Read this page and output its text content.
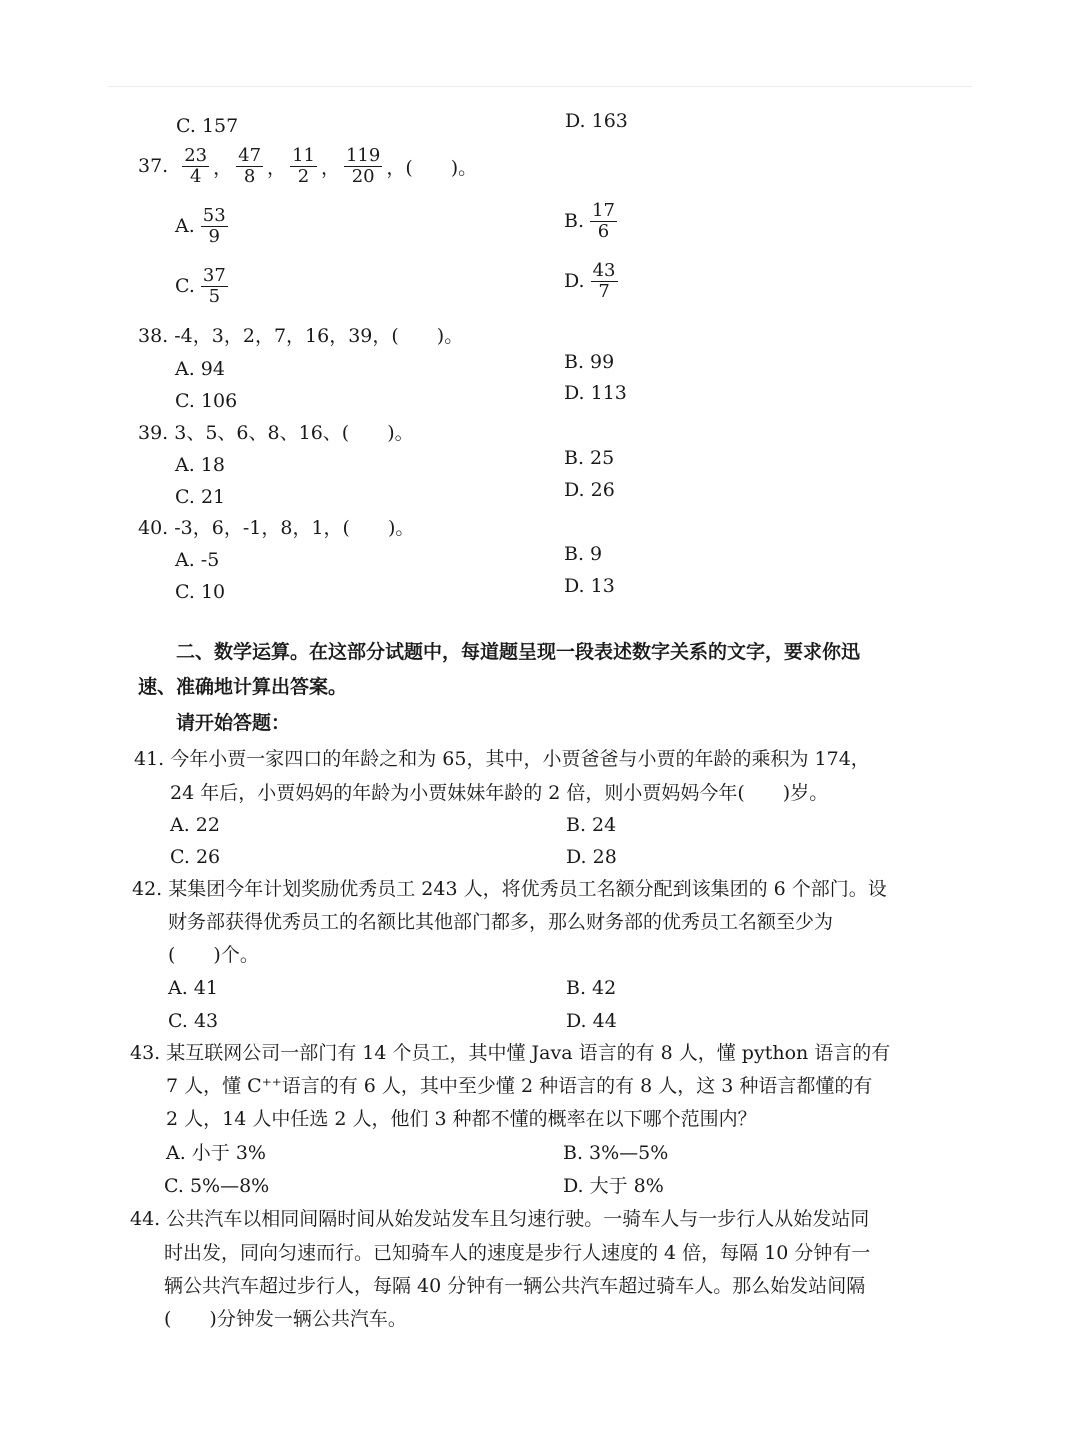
C. 157	D. 163
37. $\frac{23}{4}$ ， $\frac{47}{8}$ ， $\frac{11}{2}$ ， $\frac{119}{20}$ ，(　　)。
A. $\frac{53}{9}$	B. $\frac{17}{6}$
C. $\frac{37}{5}$	D. $\frac{43}{7}$
38. -4，3，2，7，16，39，(　　)。
A. 94	B. 99
C. 106	D. 113
39. 3、5、6、8、16、(　　)。
A. 18	B. 25
C. 21	D. 26
40. -3，6，-1，8，1，(　　)。
A. -5	B. 9
C. 10	D. 13
二、数学运算。在这部分试题中，每道题呈现一段表述数字关系的文字，要求你迅
速、准确地计算出答案。
请开始答题：
41. 今年小贾一家四口的年龄之和为 65，其中，小贾爸爸与小贾的年龄的乘积为 174，
24 年后，小贾妈妈的年龄为小贾妹妹年龄的 2 倍，则小贾妈妈今年(　　)岁。
A. 22	B. 24
C. 26	D. 28
42. 某集团今年计划奖励优秀员工 243 人，将优秀员工名额分配到该集团的 6 个部门。设
财务部获得优秀员工的名额比其他部门都多，那么财务部的优秀员工名额至少为
(　　)个。
A. 41	B. 42
C. 43	D. 44
43. 某互联网公司一部门有 14 个员工，其中懂 Java 语言的有 8 人，懂 python 语言的有
7 人，懂 C⁺⁺语言的有 6 人，其中至少懂 2 种语言的有 8 人，这 3 种语言都懂的有
2 人，14 人中任选 2 人，他们 3 种都不懂的概率在以下哪个范围内？
A. 小于 3%	B. 3%—5%
C. 5%—8%	D. 大于 8%
44. 公共汽车以相同间隔时间从始发站发车且匀速行驶。一骑车人与一步行人从始发站同
时出发，同向匀速而行。已知骑车人的速度是步行人速度的 4 倍，每隔 10 分钟有一
辆公共汽车超过步行人，每隔 40 分钟有一辆公共汽车超过骑车人。那么始发站间隔
(　　)分钟发一辆公共汽车。
